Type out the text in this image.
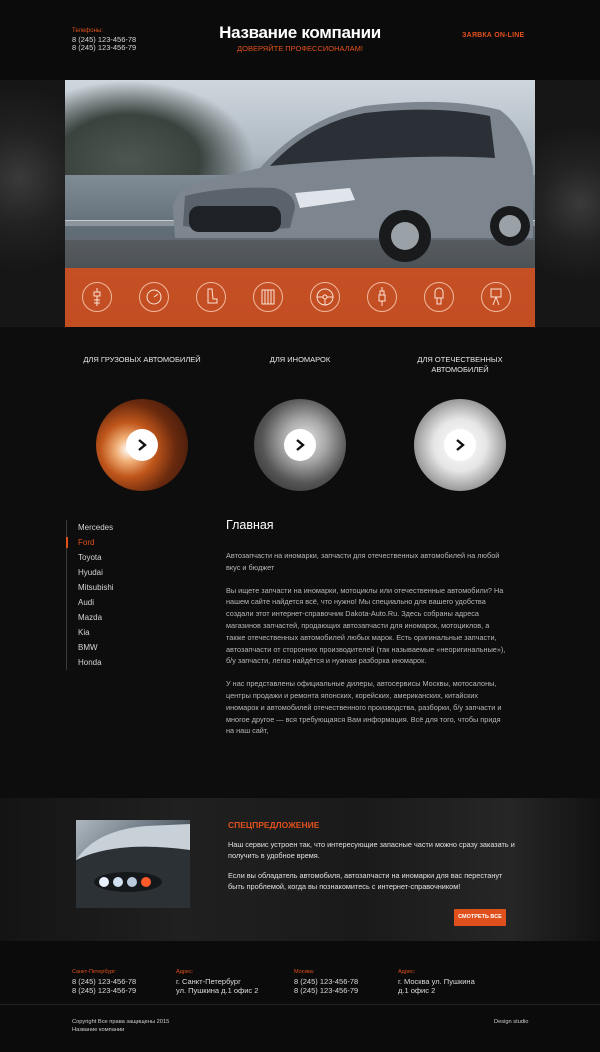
Телефоны:
8 (245) 123-456-78
8 (245) 123-456-79
Название компании
ДОВЕРЯЙТЕ ПРОФЕССИОНАЛАМ!
ЗАЯВКА ON-LINE
ДЛЯ ГРУЗОВЫХ АВТОМОБИЛЕЙ	ДЛЯ ИНОМАРОК	ДЛЯ ОТЕЧЕСТВЕННЫХ АВТОМОБИЛЕЙ
Mercedes
Ford
Toyota
Hyudai
Mitsubishi
Audi
Mazda
Kia
BMW
Honda
Главная

Автозапчасти на иномарки, запчасти для отечественных автомобилей на любой вкус и бюджет

Вы ищете запчасти на иномарки, мотоциклы или отечественные автомобили? На нашем сайте найдется всё, что нужно! Мы специально для вашего удобства создали этот интернет-справочник Dakota-Auto.Ru. Здесь собраны адреса магазинов запчастей, продающих автозапчасти для иномарок, мотоциклов, а также отечественных автомобилей любых марок. Есть оригинальные запчасти, автозапчасти от сторонних производителей (так называемые «неоригинальные»), б/у запчасти, легко найдётся и нужная разборка иномарок.

У нас представлены официальные дилеры, автосервисы Москвы, мотосалоны, центры продажи и ремонта японских, корейских, американских, китайских иномарок и автомобилей отечественного производства, разборки, б/у запчасти и многое другое — вся требующаяся Вам информация. Всё для того, чтобы придя на наш сайт,

СПЕЦПРЕДЛОЖЕНИЕ

Наш сервис устроен так, что интересующие запасные части можно сразу заказать и получить в удобное время.

Если вы обладатель автомобиля, автозапчасти на иномарки для вас перестанут быть проблемой, когда вы познакомитесь с интернет-справочником!

СМОТРЕТЬ ВСЕ
Санкт-Петербург:
8 (245) 123-456-78
8 (245) 123-456-79
Адрес:
г. Санкт-Петербург
ул. Пушкина д.1 офис 2
Москва:
8 (245) 123-456-78
8 (245) 123-456-79
Адрес:
г. Москва ул. Пушкина
д.1 офис 2
Copyright Все права защищены 2015
Название компании
Design studio
